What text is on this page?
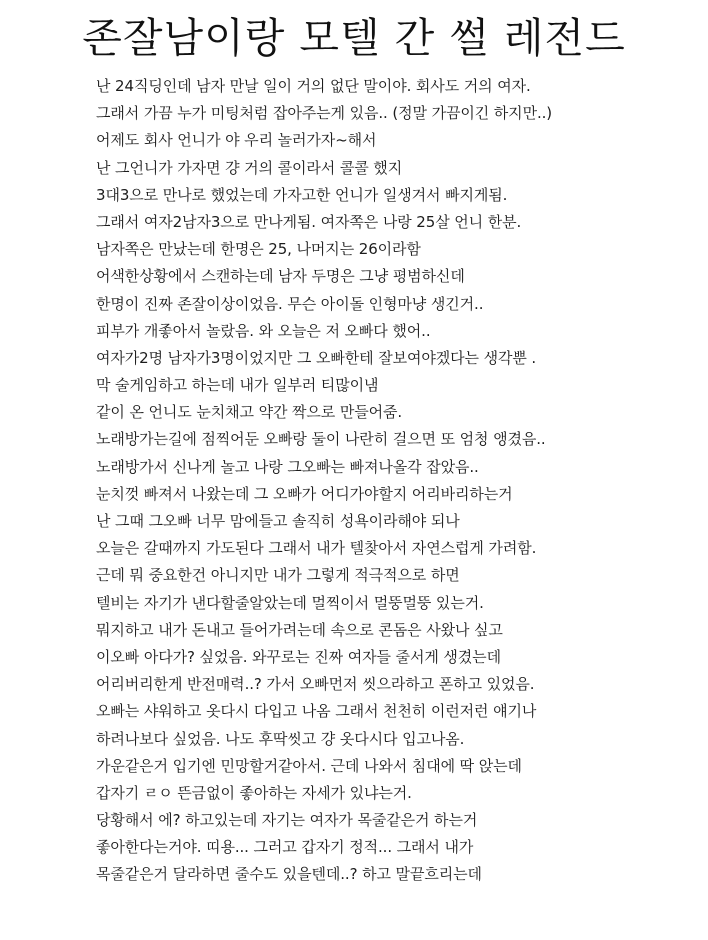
존잘남이랑 모텔 간 썰 레전드
난 24직딩인데 남자 만날 일이 거의 없단 말이야. 회사도 거의 여자.
그래서 가끔 누가 미팅처럼 잡아주는게 있음.. (정말 가끔이긴 하지만..)
어제도 회사 언니가 야 우리 놀러가자~해서
난 그언니가 가자면 걍 거의 콜이라서 콜콜 했지
3대3으로 만나로 했었는데 가자고한 언니가 일생겨서 빠지게됨.
그래서 여자2남자3으로 만나게됨. 여자쪽은 나랑 25살 언니 한분.
남자쪽은 만났는데 한명은 25, 나머지는 26이라함
어색한상황에서 스캔하는데 남자 두명은 그냥 평범하신데
한명이 진짜 존잘이상이었음. 무슨 아이돌 인형마냥 생긴거..
피부가 개좋아서 놀랐음. 와 오늘은 저 오빠다 했어..
여자가2명 남자가3명이었지만 그 오빠한테 잘보여야겠다는 생각뿐 .
막 술게임하고 하는데 내가 일부러 티많이냄
같이 온 언니도 눈치채고 약간 짝으로 만들어줌.
노래방가는길에 점찍어둔 오빠랑 둘이 나란히 걸으면 또 엄청 앵겼음..
노래방가서 신나게 놀고 나랑 그오빠는 빠져나올각 잡았음..
눈치껏 빠져서 나왔는데 그 오빠가 어디가야할지 어리바리하는거
난 그때 그오빠 너무 맘에들고 솔직히 성욕이라해야 되나
오늘은 갈때까지 가도된다 그래서 내가 텔찾아서 자연스럽게 가려함.
근데 뭐 중요한건 아니지만 내가 그렇게 적극적으로 하면
텔비는 자기가 낸다할줄알았는데 멀찍이서 멀뚱멀뚱 있는거.
뭐지하고 내가 돈내고 들어가려는데 속으로 콘돔은 사왔나 싶고
이오빠 아다가? 싶었음. 와꾸로는 진짜 여자들 줄서게 생겼는데
어리버리한게 반전매력..? 가서 오빠먼저 씻으라하고 폰하고 있었음.
오빠는 샤워하고 옷다시 다입고 나옴 그래서 천천히 이런저런 얘기나
하려나보다 싶었음. 나도 후딱씻고 걍 옷다시다 입고나옴.
가운같은거 입기엔 민망할거같아서. 근데 나와서 침대에 딱 앉는데
갑자기 ㄹㅇ 뜬금없이 좋아하는 자세가 있냐는거.
당황해서 에? 하고있는데 자기는 여자가 목줄같은거 하는거
좋아한다는거야. 띠용... 그러고 갑자기 정적... 그래서 내가
목줄같은거 달라하면 줄수도 있을텐데..? 하고 말끝흐리는데
